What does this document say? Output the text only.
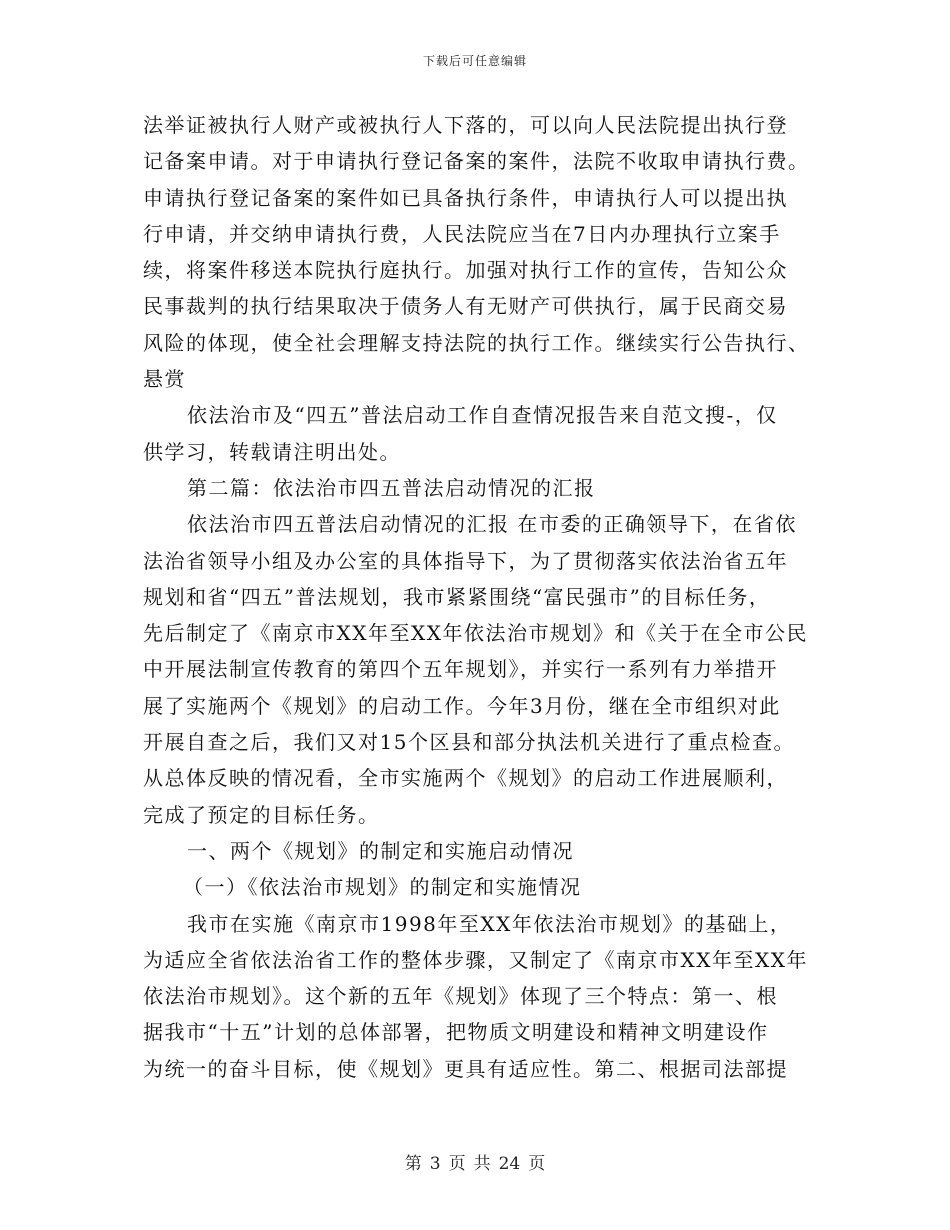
下载后可任意编辑
法举证被执行人财产或被执行人下落的，可以向人民法院提出执行登
记备案申请。对于申请执行登记备案的案件，法院不收取申请执行费。
申请执行登记备案的案件如已具备执行条件，申请执行人可以提出执
行申请，并交纳申请执行费，人民法院应当在7日内办理执行立案手
续，将案件移送本院执行庭执行。加强对执行工作的宣传，告知公众
民事裁判的执行结果取决于债务人有无财产可供执行，属于民商交易
风险的体现，使全社会理解支持法院的执行工作。继续实行公告执行、
悬赏
依法治市及“四五”普法启动工作自查情况报告来自范文搜-，仅
供学习，转载请注明出处。
第二篇：依法治市四五普法启动情况的汇报
依法治市四五普法启动情况的汇报 在市委的正确领导下，在省依
法治省领导小组及办公室的具体指导下，为了贯彻落实依法治省五年
规划和省“四五”普法规划，我市紧紧围绕“富民强市”的目标任务，
先后制定了《南京市XX年至XX年依法治市规划》和《关于在全市公民
中开展法制宣传教育的第四个五年规划》，并实行一系列有力举措开
展了实施两个《规划》的启动工作。今年3月份，继在全市组织对此
开展自查之后，我们又对15个区县和部分执法机关进行了重点检查。
从总体反映的情况看，全市实施两个《规划》的启动工作进展顺利，
完成了预定的目标任务。
一、两个《规划》的制定和实施启动情况
（一）《依法治市规划》的制定和实施情况
我市在实施《南京市1998年至XX年依法治市规划》的基础上，
为适应全省依法治省工作的整体步骤，又制定了《南京市XX年至XX年
依法治市规划》。这个新的五年《规划》体现了三个特点：第一、根
据我市“十五”计划的总体部署，把物质文明建设和精神文明建设作
为统一的奋斗目标，使《规划》更具有适应性。第二、根据司法部提
第 3 页 共 24 页
